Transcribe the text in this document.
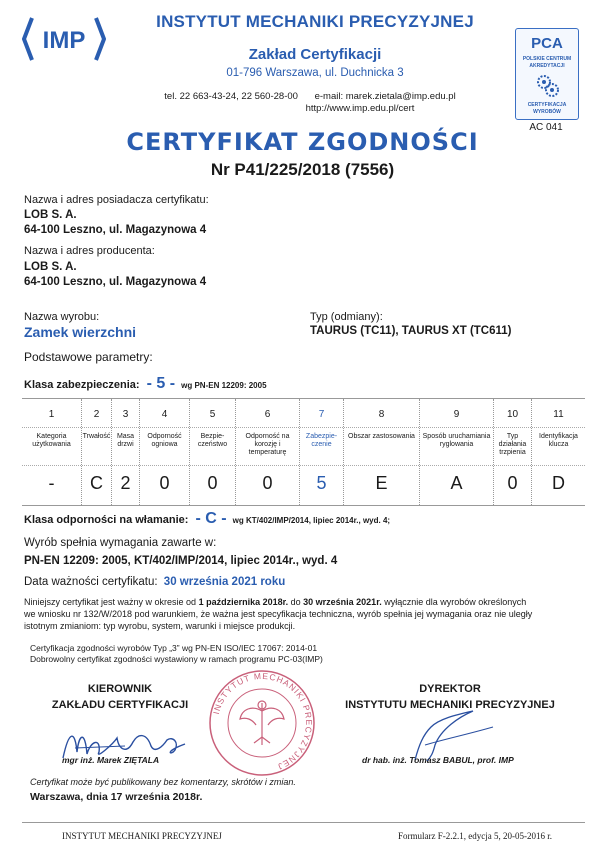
IMP
INSTYTUT MECHANIKI PRECYZYJNEJ
Zakład Certyfikacji
01-796 Warszawa, ul. Duchnicka 3
tel. 22 663-43-24, 22 560-28-00 e-mail: marek.zietala@imp.edu.pl
http://www.imp.edu.pl/cert
PCA
POLSKIE CENTRUM
AKREDYTACJI
CERTYFIKACJA
WYROBÓW
AC 041
CERTYFIKAT ZGODNOŚCI
Nr P41/225/2018 (7556)
Nazwa i adres posiadacza certyfikatu:
LOB S. A.
64-100 Leszno, ul. Magazynowa 4
Nazwa i adres producenta:
LOB S. A.
64-100 Leszno, ul. Magazynowa 4
Nazwa wyrobu:
Zamek wierzchni
Typ (odmiany):
TAURUS (TC11), TAURUS XT (TC611)
Podstawowe parametry:
Klasa zabezpieczenia: - 5 - wg PN-EN 12209: 2005
1
Kategoria użytkowania
-
2
Trwałość
C
3
Masa drzwi
2
4
Odporność ogniowa
0
5
Bezpie-czeństwo
0
6
Odporność na korozję i temperaturę
0
7
Zabezpie-czenie
5
8
Obszar zastosowania
E
9
Sposób uruchamiania ryglowania
A
10
Typ działania trzpienia
0
11
Identyfikacja klucza
D
Klasa odporności na włamanie: - C - wg KT/402/IMP/2014, lipiec 2014r., wyd. 4;
Wyrób spełnia wymagania zawarte w:
PN-EN 12209: 2005, KT/402/IMP/2014, lipiec 2014r., wyd. 4
Data ważności certyfikatu: 30 września 2021 roku
Niniejszy certyfikat jest ważny w okresie od 1 października 2018r. do 30 września 2021r. wyłącznie dla wyrobów określonych
we wniosku nr 132/W/2018 pod warunkiem, że ważna jest specyfikacja techniczna, wyrób spełnia jej wymagania oraz nie uległy
istotnym zmianiom: typ wyrobu, system, warunki i miejsce produkcji.
Certyfikacja zgodności wyrobów Typ „3” wg PN-EN ISO/IEC 17067: 2014-01
Dobrowolny certyfikat zgodności wystawiony w ramach programu PC-03(IMP)
KIEROWNIK
ZAKŁADU CERTYFIKACJI
mgr inż. Marek ZIĘTALA
INSTYTUT MECHANIKI PRECYZYJNEJ
DYREKTOR
INSTYTUTU MECHANIKI PRECYZYJNEJ
dr hab. inż. Tomasz BABUL, prof. IMP
Certyfikat może być publikowany bez komentarzy, skrótów i zmian.
Warszawa, dnia 17 września 2018r.
INSTYTUT MECHANIKI PRECYZYJNEJ	Formularz F-2.2.1, edycja 5, 20-05-2016 r.
